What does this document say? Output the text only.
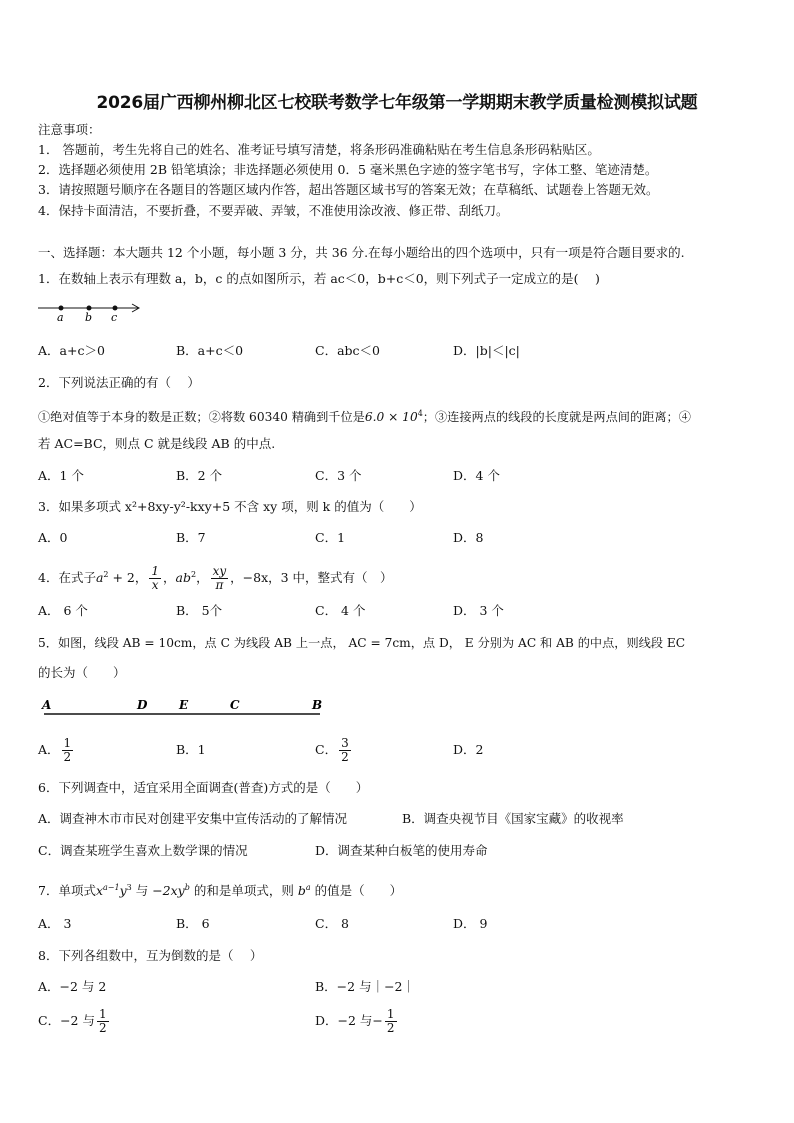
2026届广西柳州柳北区七校联考数学七年级第一学期期末教学质量检测模拟试题
注意事项：
1． 答题前，考生先将自己的姓名、准考证号填写清楚，将条形码准确粘贴在考生信息条形码粘贴区。
2．选择题必须使用 2B 铅笔填涂；非选择题必须使用 0．5 毫米黑色字迹的签字笔书写，字体工整、笔迹清楚。
3．请按照题号顺序在各题目的答题区域内作答，超出答题区域书写的答案无效；在草稿纸、试题卷上答题无效。
4．保持卡面清洁，不要折叠，不要弄破、弄皱，不准使用涂改液、修正带、刮纸刀。
一、选择题：本大题共 12 个小题，每小题 3 分，共 36 分.在每小题给出的四个选项中，只有一项是符合题目要求的.
1．在数轴上表示有理数 a，b，c 的点如图所示，若 ac＜0，b+c＜0，则下列式子一定成立的是(　 )
a b c
A．a+c＞0	B．a+c＜0	C．abc＜0	D．|b|＜|c|
2．下列说法正确的有（　 ）
①绝对值等于本身的数是正数；②将数 60340 精确到千位是$6.0 \times 10^4$；③连接两点的线段的长度就是两点间的距离；④
若 AC=BC，则点 C 就是线段 AB 的中点.
A．1 个	B．2 个	C．3 个	D．4 个
3．如果多项式 x²+8xy-y²-kxy+5 不含 xy 项，则 k 的值为（　　）
A．0	B．7	C．1	D．8
4．在式子$a^2 + 2$， $\frac{1}{x}$ ，$ab^2$， $\frac{xy}{\pi}$ ，−8x，3 中，整式有（　）
A． 6 个	B． 5个	C． 4 个	D． 3 个
5．如图，线段 AB = 10cm，点 C 为线段 AB 上一点， AC = 7cm，点 D， E 分别为 AC 和 AB 的中点，则线段 EC
的长为（　　）
A	D	E	C	B
A． $\frac{1}{2}$	B．1	C． $\frac{3}{2}$	D．2
6．下列调查中，适宜采用全面调查(普查)方式的是（　　）
A．调查神木市市民对创建平安集中宣传活动的了解情况	B．调查央视节目《国家宝藏》的收视率
C．调查某班学生喜欢上数学课的情况	D．调查某种白板笔的使用寿命
7．单项式$x^{a-1}y^3$ 与 $-2xy^b$ 的和是单项式，则 $b^a$ 的值是（　　）
A． 3	B． 6	C． 8	D． 9
8．下列各组数中，互为倒数的是（　 ）
A．−2 与 2	B．−2 与｜−2｜
C．−2 与 $\frac{1}{2}$	D．−2 与− $\frac{1}{2}$
